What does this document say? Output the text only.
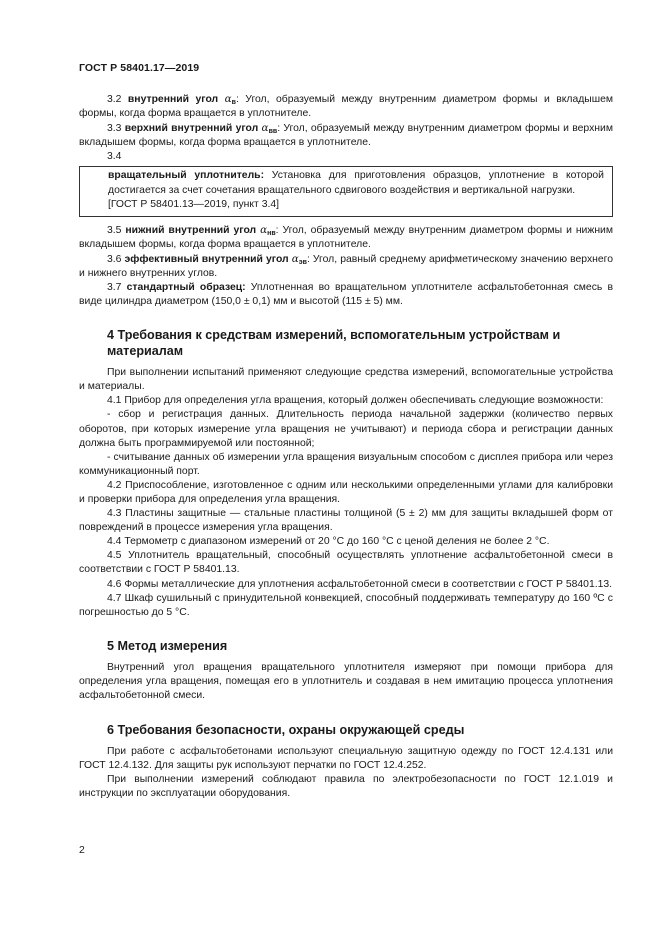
ГОСТ Р 58401.17—2019

3.2 внутренний угол $\alpha_в$: Угол, образуемый между внутренним диаметром формы и вкладышем формы, когда форма вращается в уплотнителе.

3.3 верхний внутренний угол $\alpha_{вв}$: Угол, образуемый между внутренним диаметром формы и верхним вкладышем формы, когда форма вращается в уплотнителе.

3.4

вращательный уплотнитель: Установка для приготовления образцов, уплотнение в которой достигается за счет сочетания вращательного сдвигового воздействия и вертикальной нагрузки.

[ГОСТ Р 58401.13—2019, пункт 3.4]

3.5 нижний внутренний угол $\alpha_{нв}$: Угол, образуемый между внутренним диаметром формы и нижним вкладышем формы, когда форма вращается в уплотнителе.

3.6 эффективный внутренний угол $\alpha_{эв}$: Угол, равный среднему арифметическому значению верхнего и нижнего внутренних углов.

3.7 стандартный образец: Уплотненная во вращательном уплотнителе асфальтобетонная смесь в виде цилиндра диаметром (150,0 ± 0,1) мм и высотой (115 ± 5) мм.

4 Требования к средствам измерений, вспомогательным устройствам и материалам

При выполнении испытаний применяют следующие средства измерений, вспомогательные устройства и материалы.

4.1 Прибор для определения угла вращения, который должен обеспечивать следующие возможности:

- сбор и регистрация данных. Длительность периода начальной задержки (количество первых оборотов, при которых измерение угла вращения не учитывают) и периода сбора и регистрации данных должна быть программируемой или постоянной;

- считывание данных об измерении угла вращения визуальным способом с дисплея прибора или через коммуникационный порт.

4.2 Приспособление, изготовленное с одним или несколькими определенными углами для калибровки и проверки прибора для определения угла вращения.

4.3 Пластины защитные — стальные пластины толщиной (5 ± 2) мм для защиты вкладышей форм от повреждений в процессе измерения угла вращения.

4.4 Термометр с диапазоном измерений от 20 °С до 160 °С с ценой деления не более 2 °С.

4.5 Уплотнитель вращательный, способный осуществлять уплотнение асфальтобетонной смеси в соответствии с ГОСТ Р 58401.13.

4.6 Формы металлические для уплотнения асфальтобетонной смеси в соответствии с ГОСТ Р 58401.13.

4.7 Шкаф сушильный с принудительной конвекцией, способный поддерживать температуру до 160 ºС с погрешностью до 5 °С.

5 Метод измерения

Внутренний угол вращения вращательного уплотнителя измеряют при помощи прибора для определения угла вращения, помещая его в уплотнитель и создавая в нем имитацию процесса уплотнения асфальтобетонной смеси.

6 Требования безопасности, охраны окружающей среды

При работе с асфальтобетонами используют специальную защитную одежду по ГОСТ 12.4.131 или ГОСТ 12.4.132. Для защиты рук используют перчатки по ГОСТ 12.4.252.

При выполнении измерений соблюдают правила по электробезопасности по ГОСТ 12.1.019 и инструкции по эксплуатации оборудования.

2
